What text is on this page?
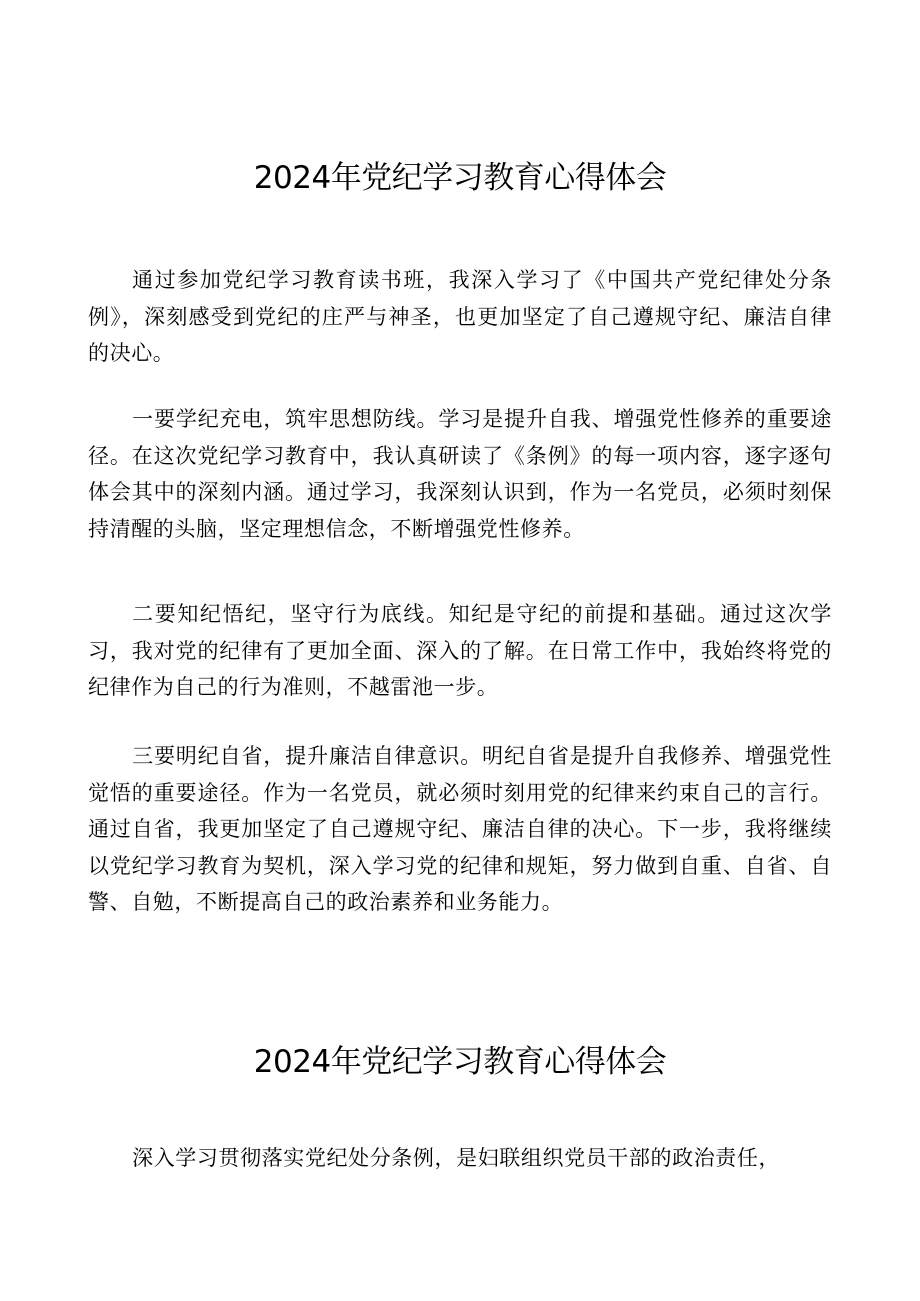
2024年党纪学习教育心得体会

通过参加党纪学习教育读书班，我深入学习了《中国共产党纪律处分条例》，深刻感受到党纪的庄严与神圣，也更加坚定了自己遵规守纪、廉洁自律的决心。

一要学纪充电，筑牢思想防线。学习是提升自我、增强党性修养的重要途径。在这次党纪学习教育中，我认真研读了《条例》的每一项内容，逐字逐句体会其中的深刻内涵。通过学习，我深刻认识到，作为一名党员，必须时刻保持清醒的头脑，坚定理想信念，不断增强党性修养。

二要知纪悟纪，坚守行为底线。知纪是守纪的前提和基础。通过这次学习，我对党的纪律有了更加全面、深入的了解。在日常工作中，我始终将党的纪律作为自己的行为准则，不越雷池一步。

三要明纪自省，提升廉洁自律意识。明纪自省是提升自我修养、增强党性觉悟的重要途径。作为一名党员，就必须时刻用党的纪律来约束自己的言行。通过自省，我更加坚定了自己遵规守纪、廉洁自律的决心。下一步，我将继续以党纪学习教育为契机，深入学习党的纪律和规矩，努力做到自重、自省、自警、自勉，不断提高自己的政治素养和业务能力。

2024年党纪学习教育心得体会

深入学习贯彻落实党纪处分条例，是妇联组织党员干部的政治责任，
